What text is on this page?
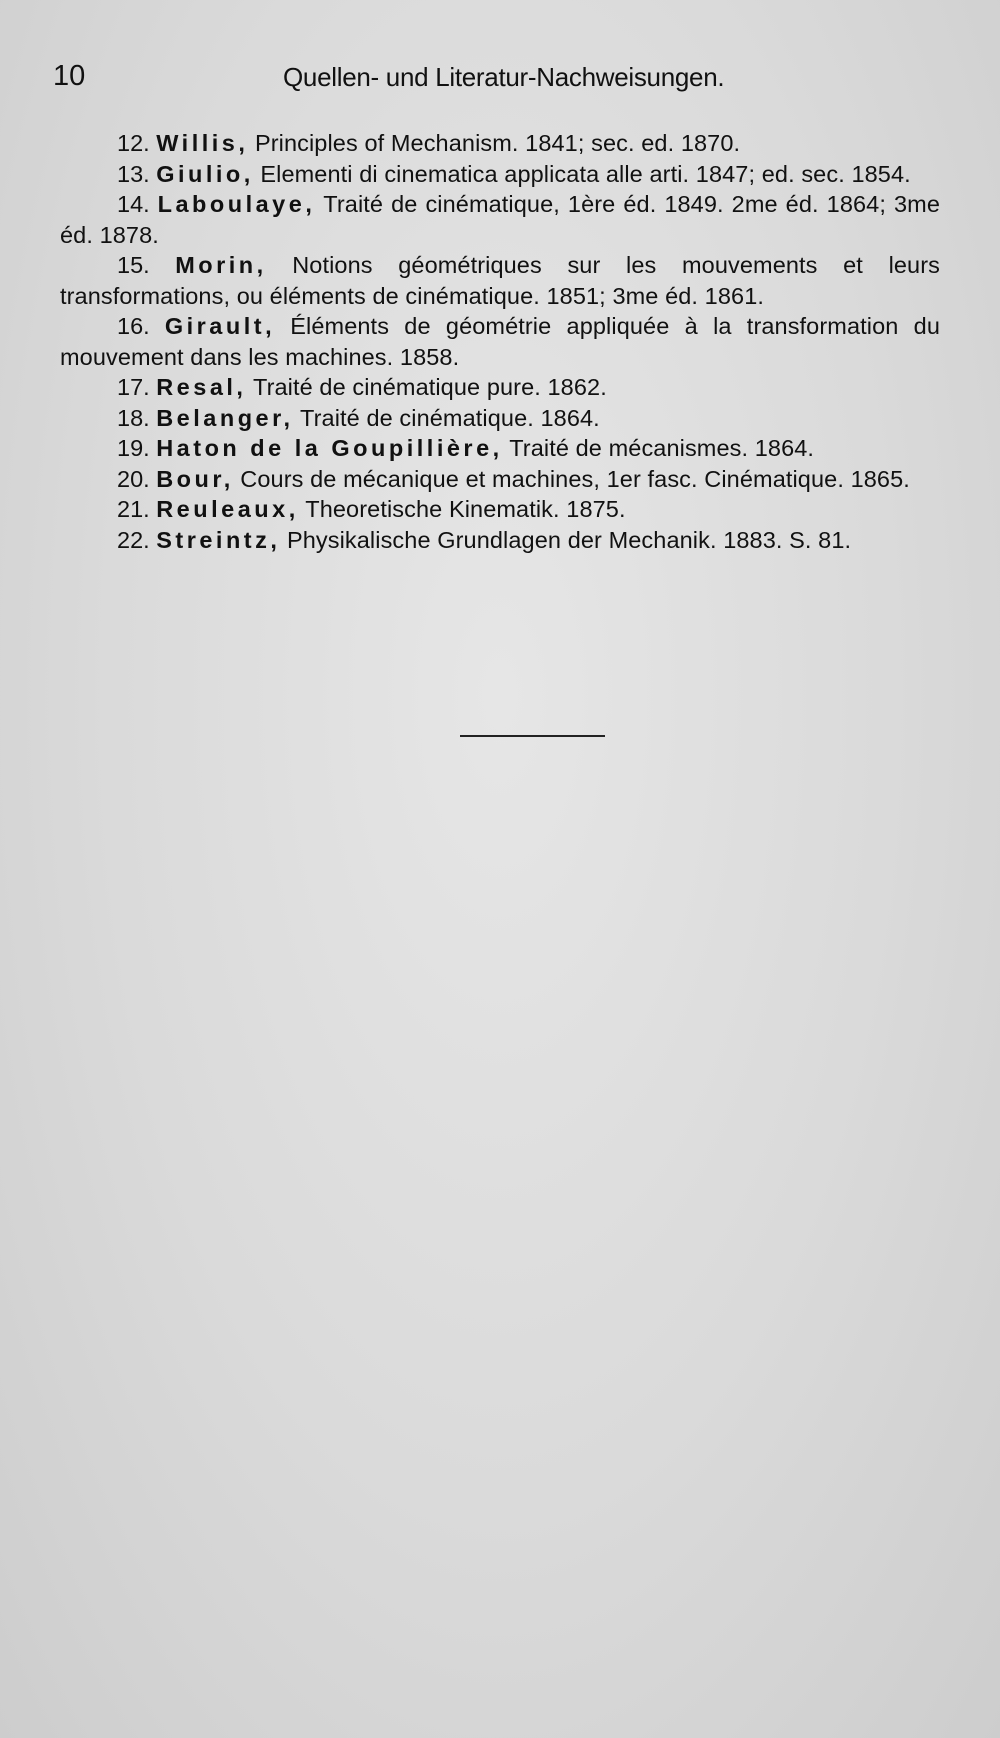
10	Quellen- und Literatur-Nachweisungen.

12. Willis, Principles of Mechanism. 1841; sec. ed. 1870.

13. Giulio, Elementi di cinematica applicata alle arti. 1847; ed. sec. 1854.

14. Laboulaye, Traité de cinématique, 1ère éd. 1849. 2me éd. 1864; 3me éd. 1878.

15. Morin, Notions géométriques sur les mouvements et leurs transformations, ou éléments de cinématique. 1851; 3me éd. 1861.

16. Girault, Éléments de géométrie appliquée à la transformation du mouvement dans les machines. 1858.

17. Resal, Traité de cinématique pure. 1862.

18. Belanger, Traité de cinématique. 1864.

19. Haton de la Goupillière, Traité de mécanismes. 1864.

20. Bour, Cours de mécanique et machines, 1er fasc. Cinématique. 1865.

21. Reuleaux, Theoretische Kinematik. 1875.

22. Streintz, Physikalische Grundlagen der Mechanik. 1883. S. 81.
